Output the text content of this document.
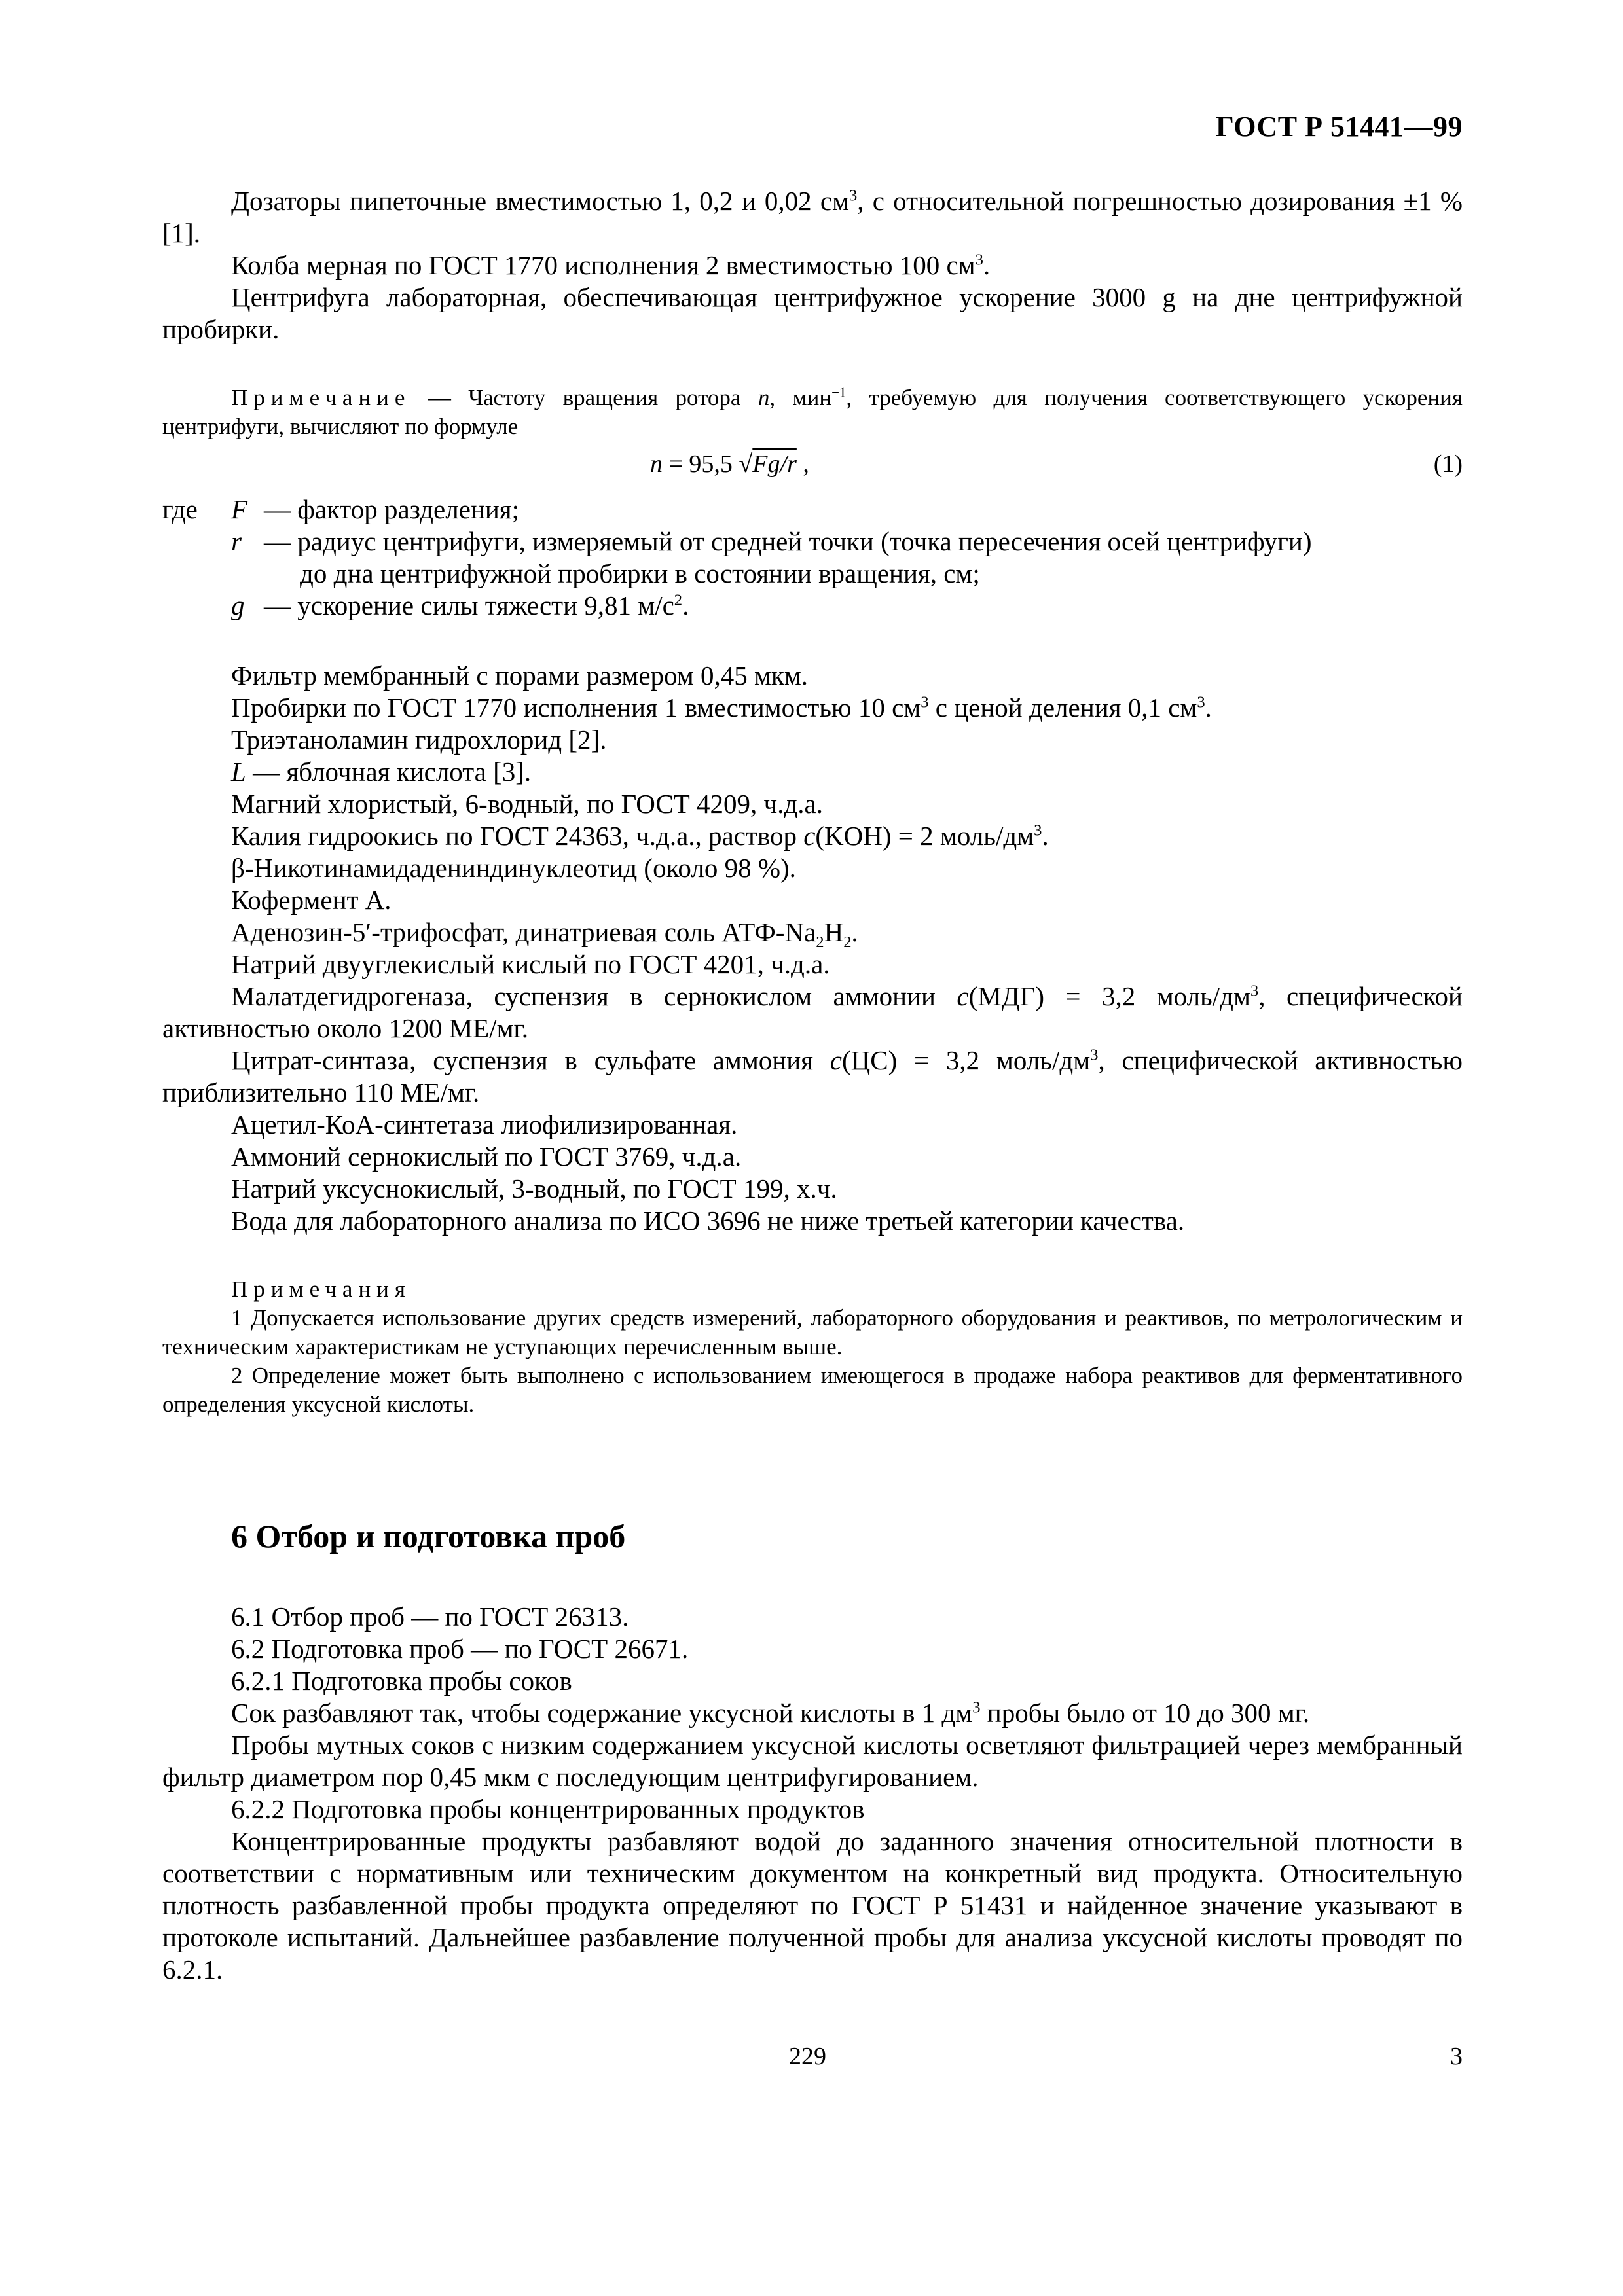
ГОСТ Р 51441—99

Дозаторы пипеточные вместимостью 1, 0,2 и 0,02 $см^3$, с относительной погрешностью дозирования ±1 % [1].

Колба мерная по ГОСТ 1770 исполнения 2 вместимостью 100 $см^3$.

Центрифуга лабораторная, обеспечивающая центрифужное ускорение 3000 g на дне центрифужной пробирки.

Примечание — Частоту вращения ротора n, мин$^{-1}$, требуемую для получения соответствующего ускорения центрифуги, вычисляют по формуле

n = 95,5 √Fg/r ,	(1)
где	F — фактор разделения;
r — радиус центрифуги, измеряемый от средней точки (точка пересечения осей центрифуги)
до дна центрифужной пробирки в состоянии вращения, см;
g — ускорение силы тяжести 9,81 $м/с^2$.

Фильтр мембранный с порами размером 0,45 мкм.

Пробирки по ГОСТ 1770 исполнения 1 вместимостью 10 $см^3$ с ценой деления 0,1 $см^3$.

Триэтаноламин гидрохлорид [2].

L — яблочная кислота [3].

Магний хлористый, 6-водный, по ГОСТ 4209, ч.д.а.

Калия гидроокись по ГОСТ 24363, ч.д.а., раствор c(KOH) = 2 моль/$дм^3$.

β-Никотинамидадениндинуклеотид (около 98 %).

Кофермент А.

Аденозин-5′-трифосфат, динатриевая соль АТФ-$Na_2H_2$.

Натрий двууглекислый кислый по ГОСТ 4201, ч.д.а.

Малатдегидрогеназа, суспензия в сернокислом аммонии c(МДГ) = 3,2 моль/$дм^3$, специфической активностью около 1200 МЕ/мг.

Цитрат-синтаза, суспензия в сульфате аммония c(ЦС) = 3,2 моль/$дм^3$, специфической активностью приблизительно 110 МЕ/мг.

Ацетил-КоА-синтетаза лиофилизированная.

Аммоний сернокислый по ГОСТ 3769, ч.д.а.

Натрий уксуснокислый, 3-водный, по ГОСТ 199, х.ч.

Вода для лабораторного анализа по ИСО 3696 не ниже третьей категории качества.

Примечания

1 Допускается использование других средств измерений, лабораторного оборудования и реактивов, по метрологическим и техническим характеристикам не уступающих перечисленным выше.

2 Определение может быть выполнено с использованием имеющегося в продаже набора реактивов для ферментативного определения уксусной кислоты.

6 Отбор и подготовка проб

6.1 Отбор проб — по ГОСТ 26313.

6.2 Подготовка проб — по ГОСТ 26671.

6.2.1 Подготовка пробы соков

Сок разбавляют так, чтобы содержание уксусной кислоты в 1 $дм^3$ пробы было от 10 до 300 мг.

Пробы мутных соков с низким содержанием уксусной кислоты осветляют фильтрацией через мембранный фильтр диаметром пор 0,45 мкм с последующим центрифугированием.

6.2.2 Подготовка пробы концентрированных продуктов

Концентрированные продукты разбавляют водой до заданного значения относительной плотности в соответствии с нормативным или техническим документом на конкретный вид продукта. Относительную плотность разбавленной пробы продукта определяют по ГОСТ Р 51431 и найденное значение указывают в протоколе испытаний. Дальнейшее разбавление полученной пробы для анализа уксусной кислоты проводят по 6.2.1.

229	3
